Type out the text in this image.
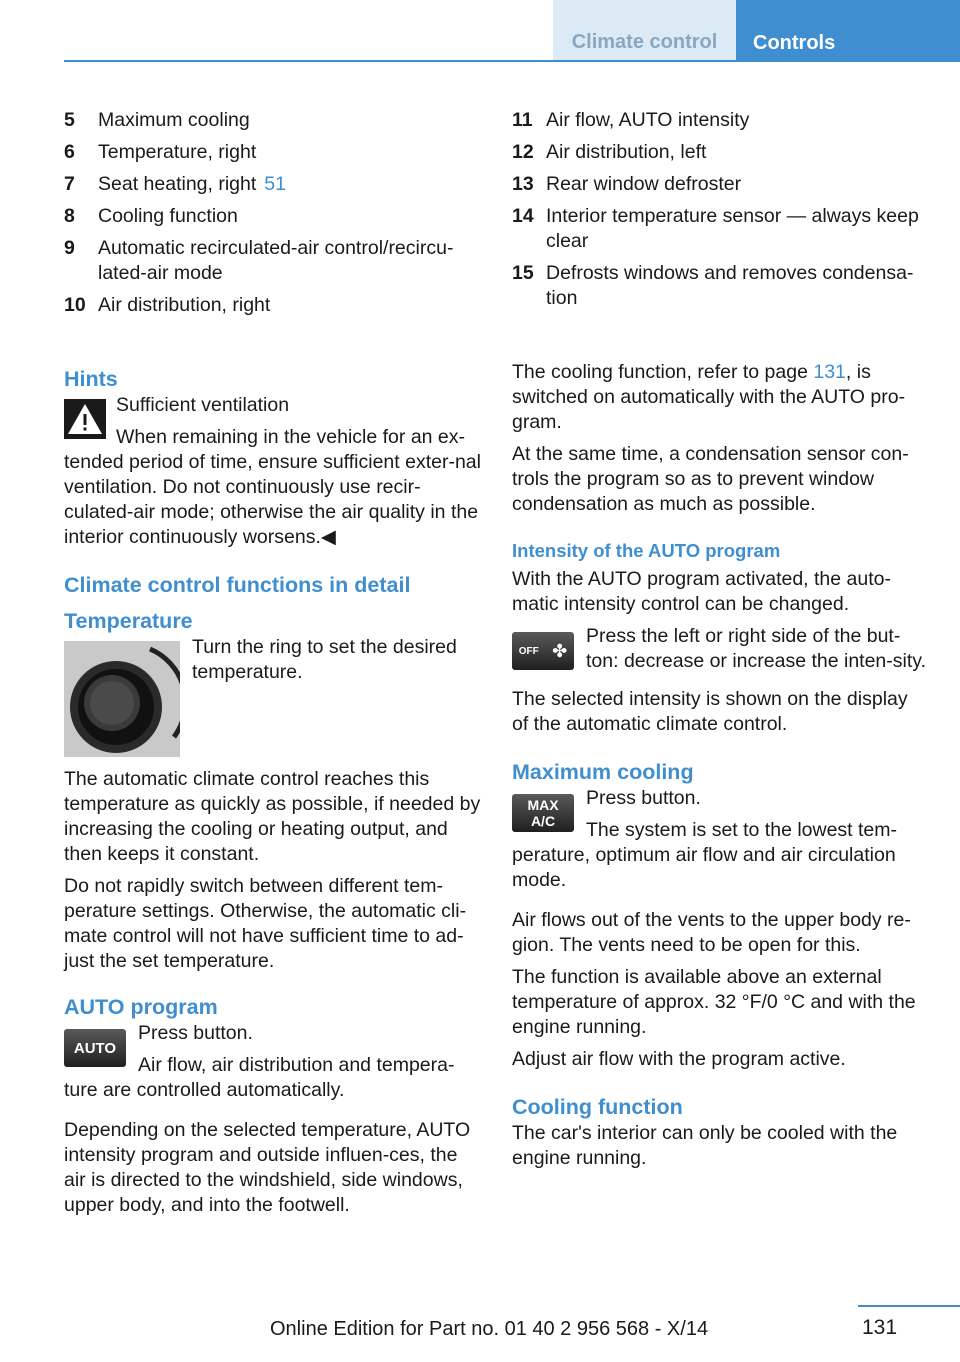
Climate control	Controls
5	Maximum cooling
6	Temperature, right
7	Seat heating, right 51
8	Cooling function
9	Automatic recirculated-air control/recircu-lated-air mode
10 Air distribution, right
Hints

Sufficient ventilation

When remaining in the vehicle for an ex-tended period of time, ensure sufficient exter-nal ventilation. Do not continuously use recir-culated-air mode; otherwise the air quality in the interior continuously worsens.◀

Climate control functions in detail
Temperature

Turn the ring to set the desired temperature.

The automatic climate control reaches this temperature as quickly as possible, if needed by increasing the cooling or heating output, and then keeps it constant.

Do not rapidly switch between different tem-perature settings. Otherwise, the automatic cli-mate control will not have sufficient time to ad-just the set temperature.

AUTO program
AUTO

Press button.

Air flow, air distribution and tempera-ture are controlled automatically.

Depending on the selected temperature, AUTO intensity program and outside influen-ces, the air is directed to the windshield, side windows, upper body, and into the footwell.

11 Air flow, AUTO intensity
12 Air distribution, left
13 Rear window defroster
14 Interior temperature sensor — always keep clear
15 Defrosts windows and removes condensa-tion

The cooling function, refer to page 131, is switched on automatically with the AUTO pro-gram.

At the same time, a condensation sensor con-trols the program so as to prevent window condensation as much as possible.

Intensity of the AUTO program

With the AUTO program activated, the auto-matic intensity control can be changed.

OFF ✤

Press the left or right side of the but-ton: decrease or increase the inten-sity.

The selected intensity is shown on the display of the automatic climate control.

Maximum cooling
MAX
A/C

Press button.

The system is set to the lowest tem-perature, optimum air flow and air circulation mode.

Air flows out of the vents to the upper body re-gion. The vents need to be open for this.

The function is available above an external temperature of approx. 32 °F/0 °C and with the engine running.

Adjust air flow with the program active.

Cooling function

The car's interior can only be cooled with the engine running.

131
Online Edition for Part no. 01 40 2 956 568 - X/14
